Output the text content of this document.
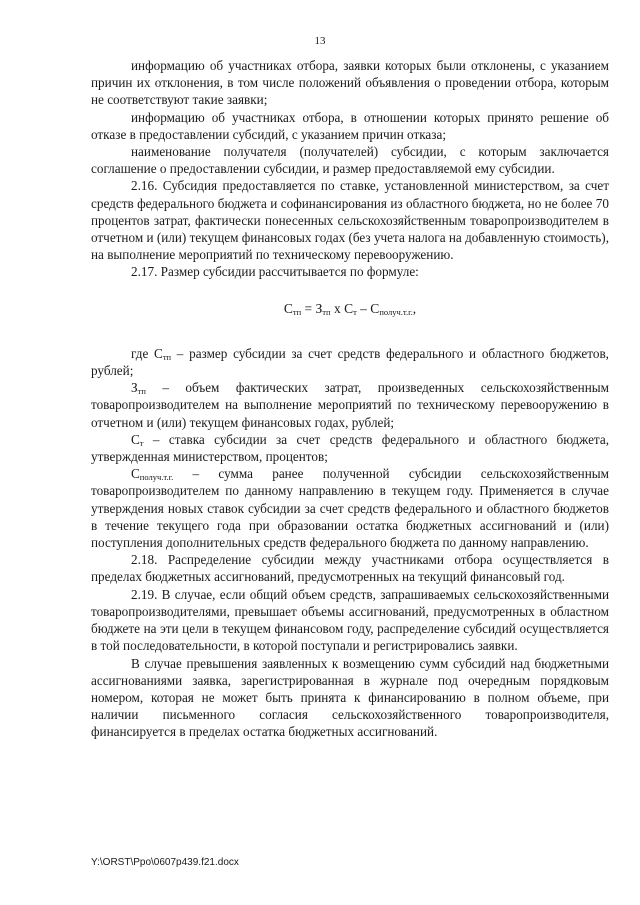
13

информацию об участниках отбора, заявки которых были отклонены, с указанием причин их отклонения, в том числе положений объявления о проведении отбора, которым не соответствуют такие заявки;

информацию об участниках отбора, в отношении которых принято решение об отказе в предоставлении субсидий, с указанием причин отказа;

наименование получателя (получателей) субсидии, с которым заключается соглашение о предоставлении субсидии, и размер предоставляемой ему субсидии.

2.16. Субсидия предоставляется по ставке, установленной министерством, за счет средств федерального бюджета и софинансирования из областного бюджета, но не более 70 процентов затрат, фактически понесенных сельскохозяйственным товаропроизводителем в отчетном и (или) текущем финансовых годах (без учета налога на добавленную стоимость), на выполнение мероприятий по техническому перевооружению.

2.17. Размер субсидии рассчитывается по формуле:

$С_{тп} = З_{тп}$ х $С_т - С_{получ.т.г.}$,

где $С_{тп}$ – размер субсидии за счет средств федерального и областного бюджетов, рублей;

$З_{тп}$ – объем фактических затрат, произведенных сельскохозяйственным товаропроизводителем на выполнение мероприятий по техническому перевооружению в отчетном и (или) текущем финансовых годах, рублей;

$С_т$ – ставка субсидии за счет средств федерального и областного бюджета, утвержденная министерством, процентов;

$С_{получ.т.г.}$ – сумма ранее полученной субсидии сельскохозяйственным товаропроизводителем по данному направлению в текущем году. Применяется в случае утверждения новых ставок субсидии за счет средств федерального и областного бюджетов в течение текущего года при образовании остатка бюджетных ассигнований и (или) поступления дополнительных средств федерального бюджета по данному направлению.

2.18. Распределение субсидии между участниками отбора осуществляется в пределах бюджетных ассигнований, предусмотренных на текущий финансовый год.

2.19. В случае, если общий объем средств, запрашиваемых сельскохозяйственными товаропроизводителями, превышает объемы ассигнований, предусмотренных в областном бюджете на эти цели в текущем финансовом году, распределение субсидий осуществляется в той последовательности, в которой поступали и регистрировались заявки.

В случае превышения заявленных к возмещению сумм субсидий над бюджетными ассигнованиями заявка, зарегистрированная в журнале под очередным порядковым номером, которая не может быть принята к финансированию в полном объеме, при наличии письменного согласия сельскохозяйственного товаропроизводителя, финансируется в пределах остатка бюджетных ассигнований.

Y:\ORST\Ppo\0607p439.f21.docx
